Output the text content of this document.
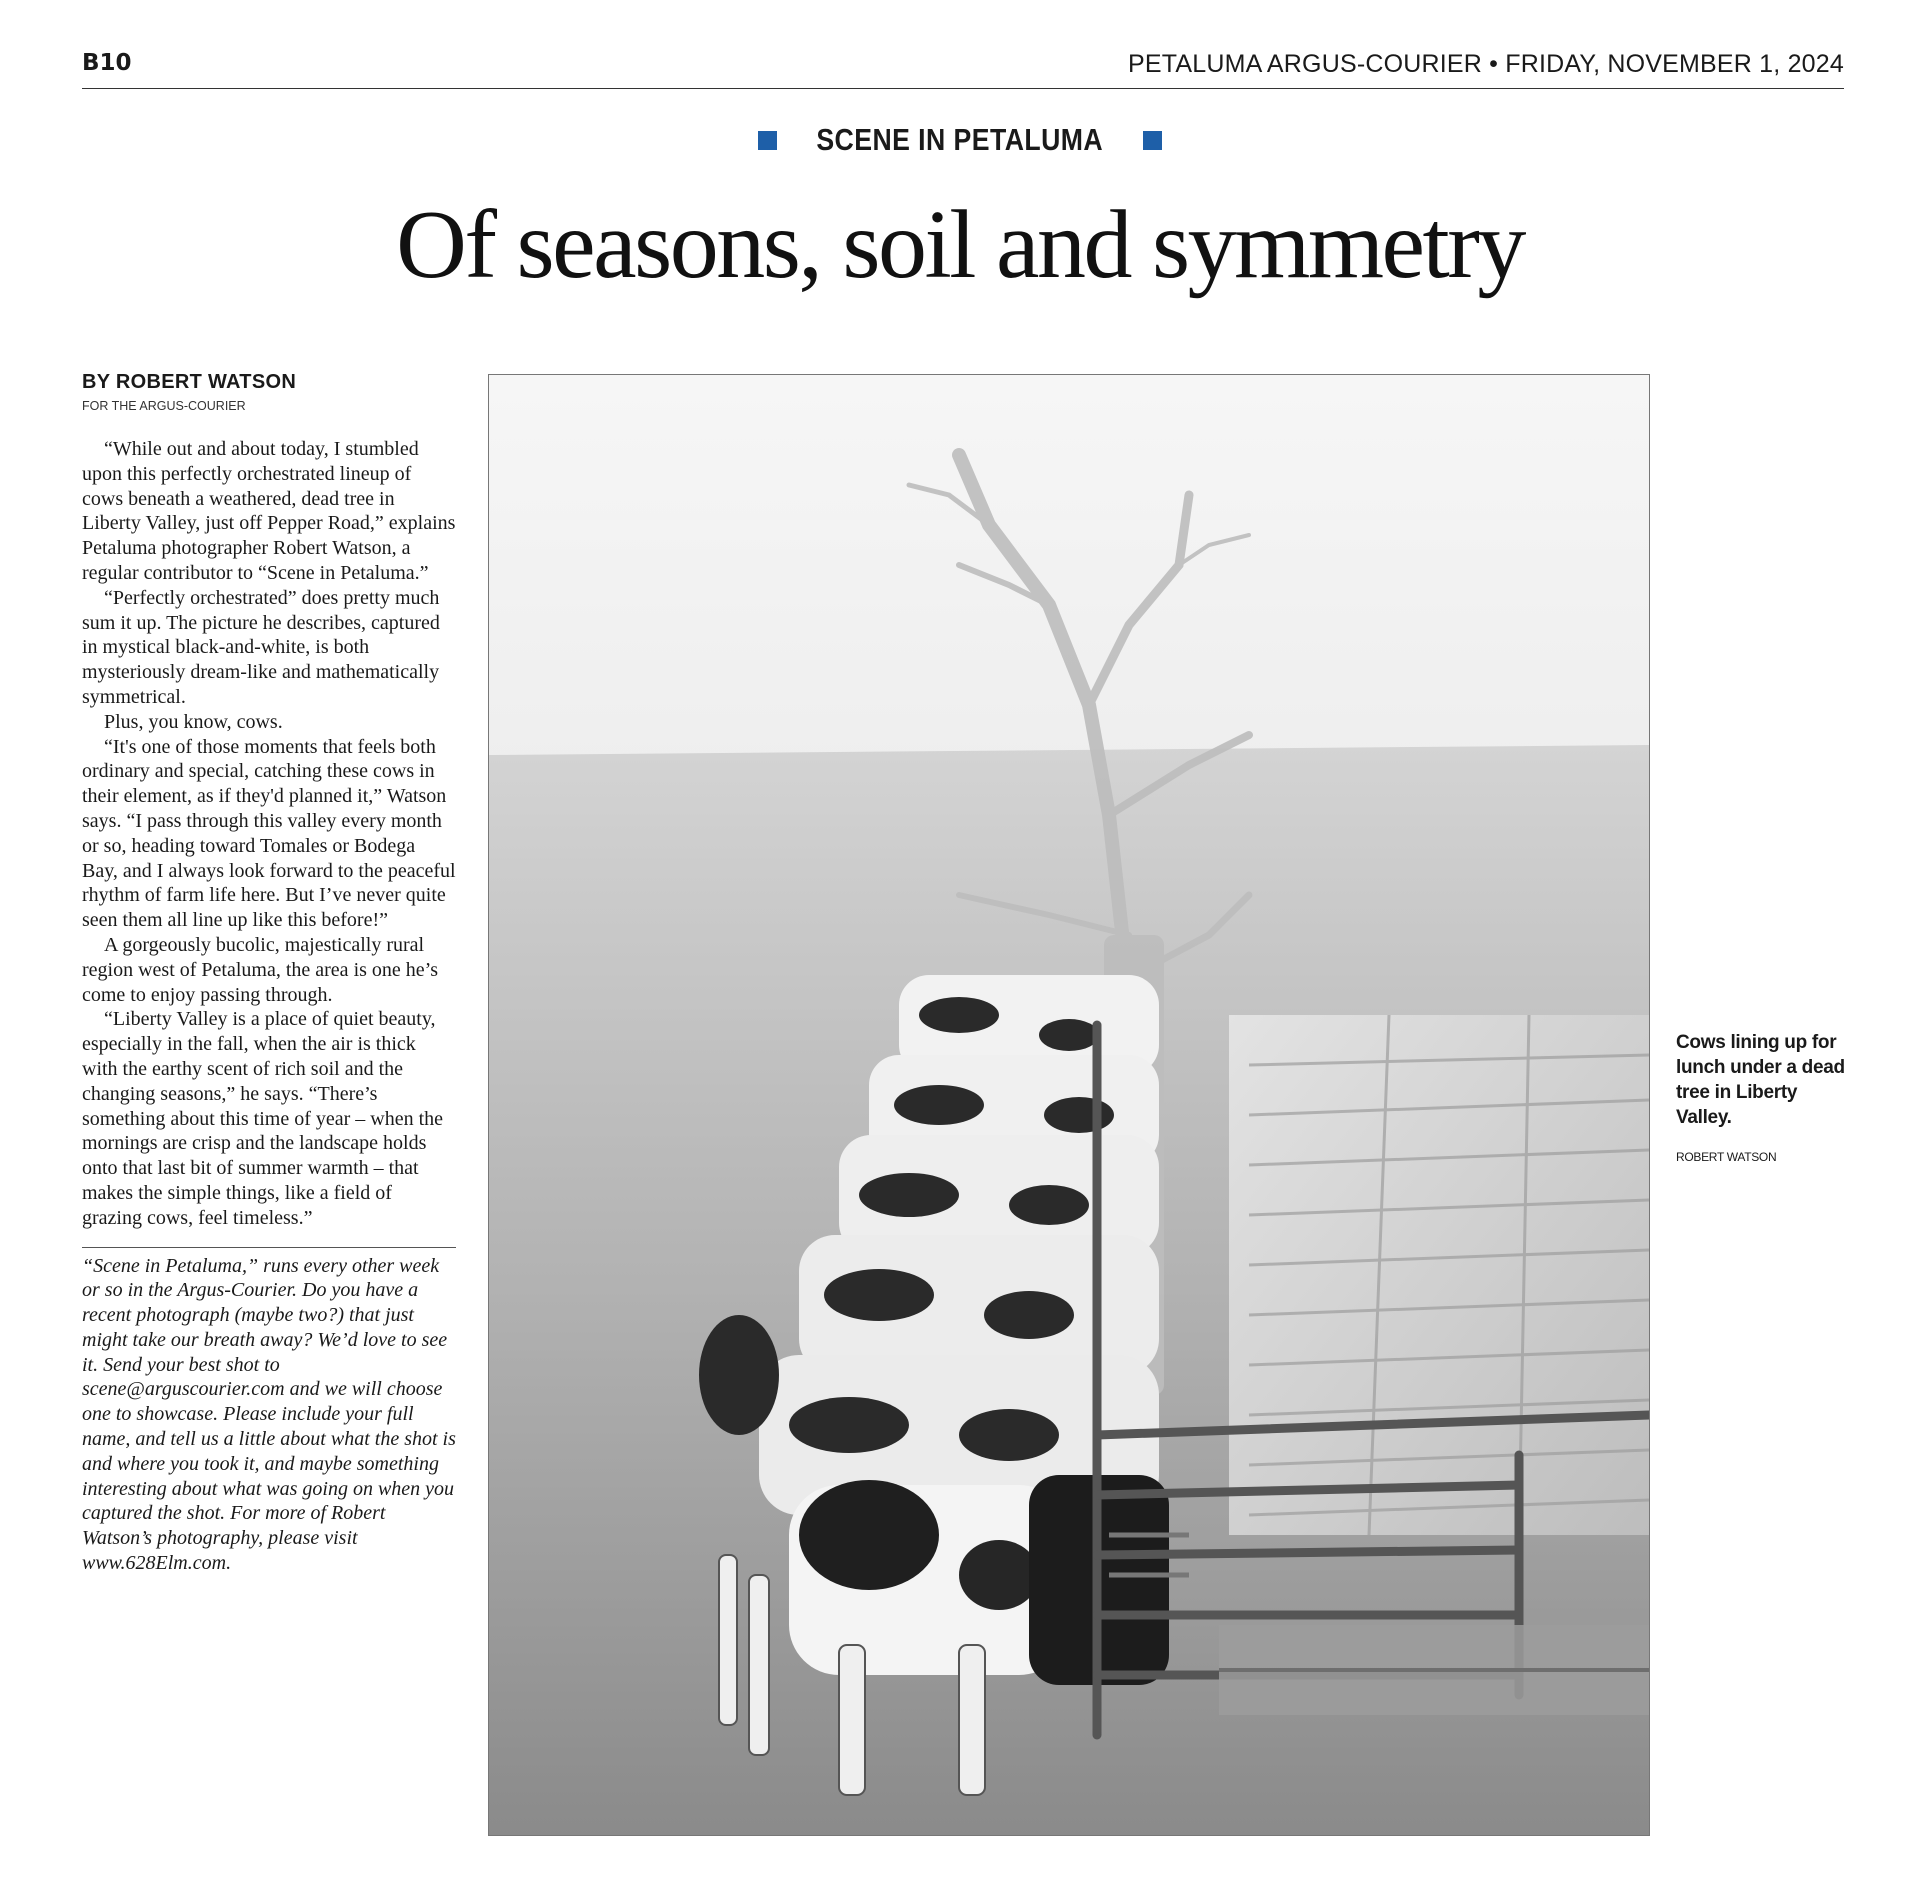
B10	PETALUMA ARGUS-COURIER • FRIDAY, NOVEMBER 1, 2024
SCENE IN PETALUMA
Of seasons, soil and symmetry
BY ROBERT WATSON
FOR THE ARGUS-COURIER

“While out and about today, I stumbled upon this perfectly orchestrated lineup of cows beneath a weathered, dead tree in Liberty Valley, just off Pepper Road,” explains Petaluma photographer Robert Watson, a regular contributor to “Scene in Petaluma.”

“Perfectly orchestrated” does pretty much sum it up. The picture he describes, captured in mystical black-and-white, is both mysteriously dream-like and mathematically symmetrical.

Plus, you know, cows.

“It's one of those moments that feels both ordinary and special, catching these cows in their element, as if they'd planned it,” Watson says. “I pass through this valley every month or so, heading toward Tomales or Bodega Bay, and I always look forward to the peaceful rhythm of farm life here. But I’ve never quite seen them all line up like this before!”

A gorgeously bucolic, majestically rural region west of Petaluma, the area is one he’s come to enjoy passing through.

“Liberty Valley is a place of quiet beauty, especially in the fall, when the air is thick with the earthy scent of rich soil and the changing seasons,” he says. “There’s something about this time of year – when the mornings are crisp and the landscape holds onto that last bit of summer warmth – that makes the simple things, like a field of grazing cows, feel timeless.”

“Scene in Petaluma,” runs every other week or so in the Argus-Courier. Do you have a recent photograph (maybe two?) that just might take our breath away? We’d love to see it. Send your best shot to scene@arguscourier.com and we will choose one to showcase. Please include your full name, and tell us a little about what the shot is and where you took it, and maybe something interesting about what was going on when you captured the shot. For more of Robert Watson’s photography, please visit www.628Elm.com.
Cows lining up for lunch under a dead tree in Liberty Valley.
ROBERT WATSON
